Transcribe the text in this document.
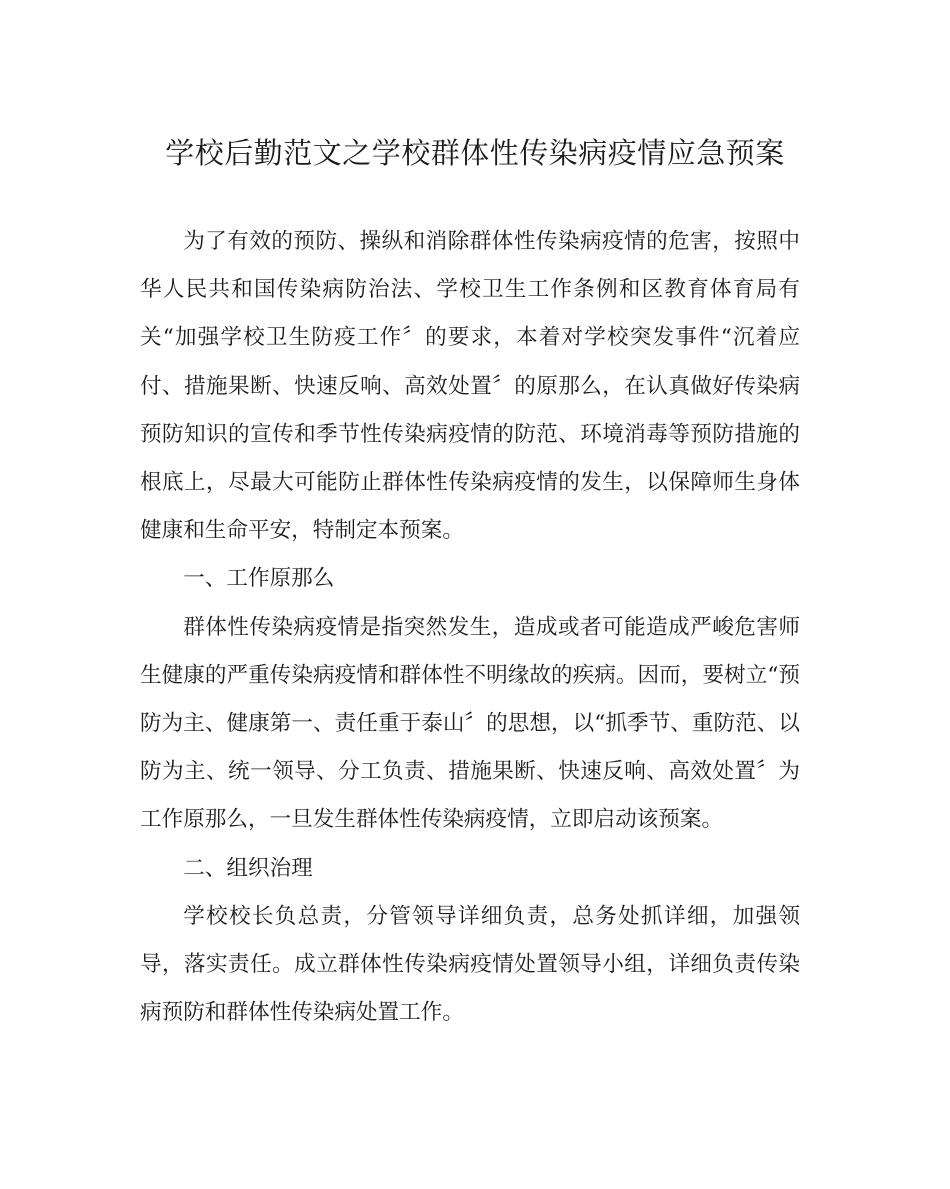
学校后勤范文之学校群体性传染病疫情应急预案

为了有效的预防、操纵和消除群体性传染病疫情的危害，按照中华人民共和国传染病防治法、学校卫生工作条例和区教育体育局有关“加强学校卫生防疫工作〞的要求，本着对学校突发事件“沉着应付、措施果断、快速反响、高效处置〞的原那么，在认真做好传染病预防知识的宣传和季节性传染病疫情的防范、环境消毒等预防措施的根底上，尽最大可能防止群体性传染病疫情的发生，以保障师生身体健康和生命平安，特制定本预案。

一、工作原那么

群体性传染病疫情是指突然发生，造成或者可能造成严峻危害师生健康的严重传染病疫情和群体性不明缘故的疾病。因而，要树立“预防为主、健康第一、责任重于泰山〞的思想，以“抓季节、重防范、以防为主、统一领导、分工负责、措施果断、快速反响、高效处置〞为工作原那么，一旦发生群体性传染病疫情，立即启动该预案。

二、组织治理

学校校长负总责，分管领导详细负责，总务处抓详细，加强领导，落实责任。成立群体性传染病疫情处置领导小组，详细负责传染病预防和群体性传染病处置工作。
